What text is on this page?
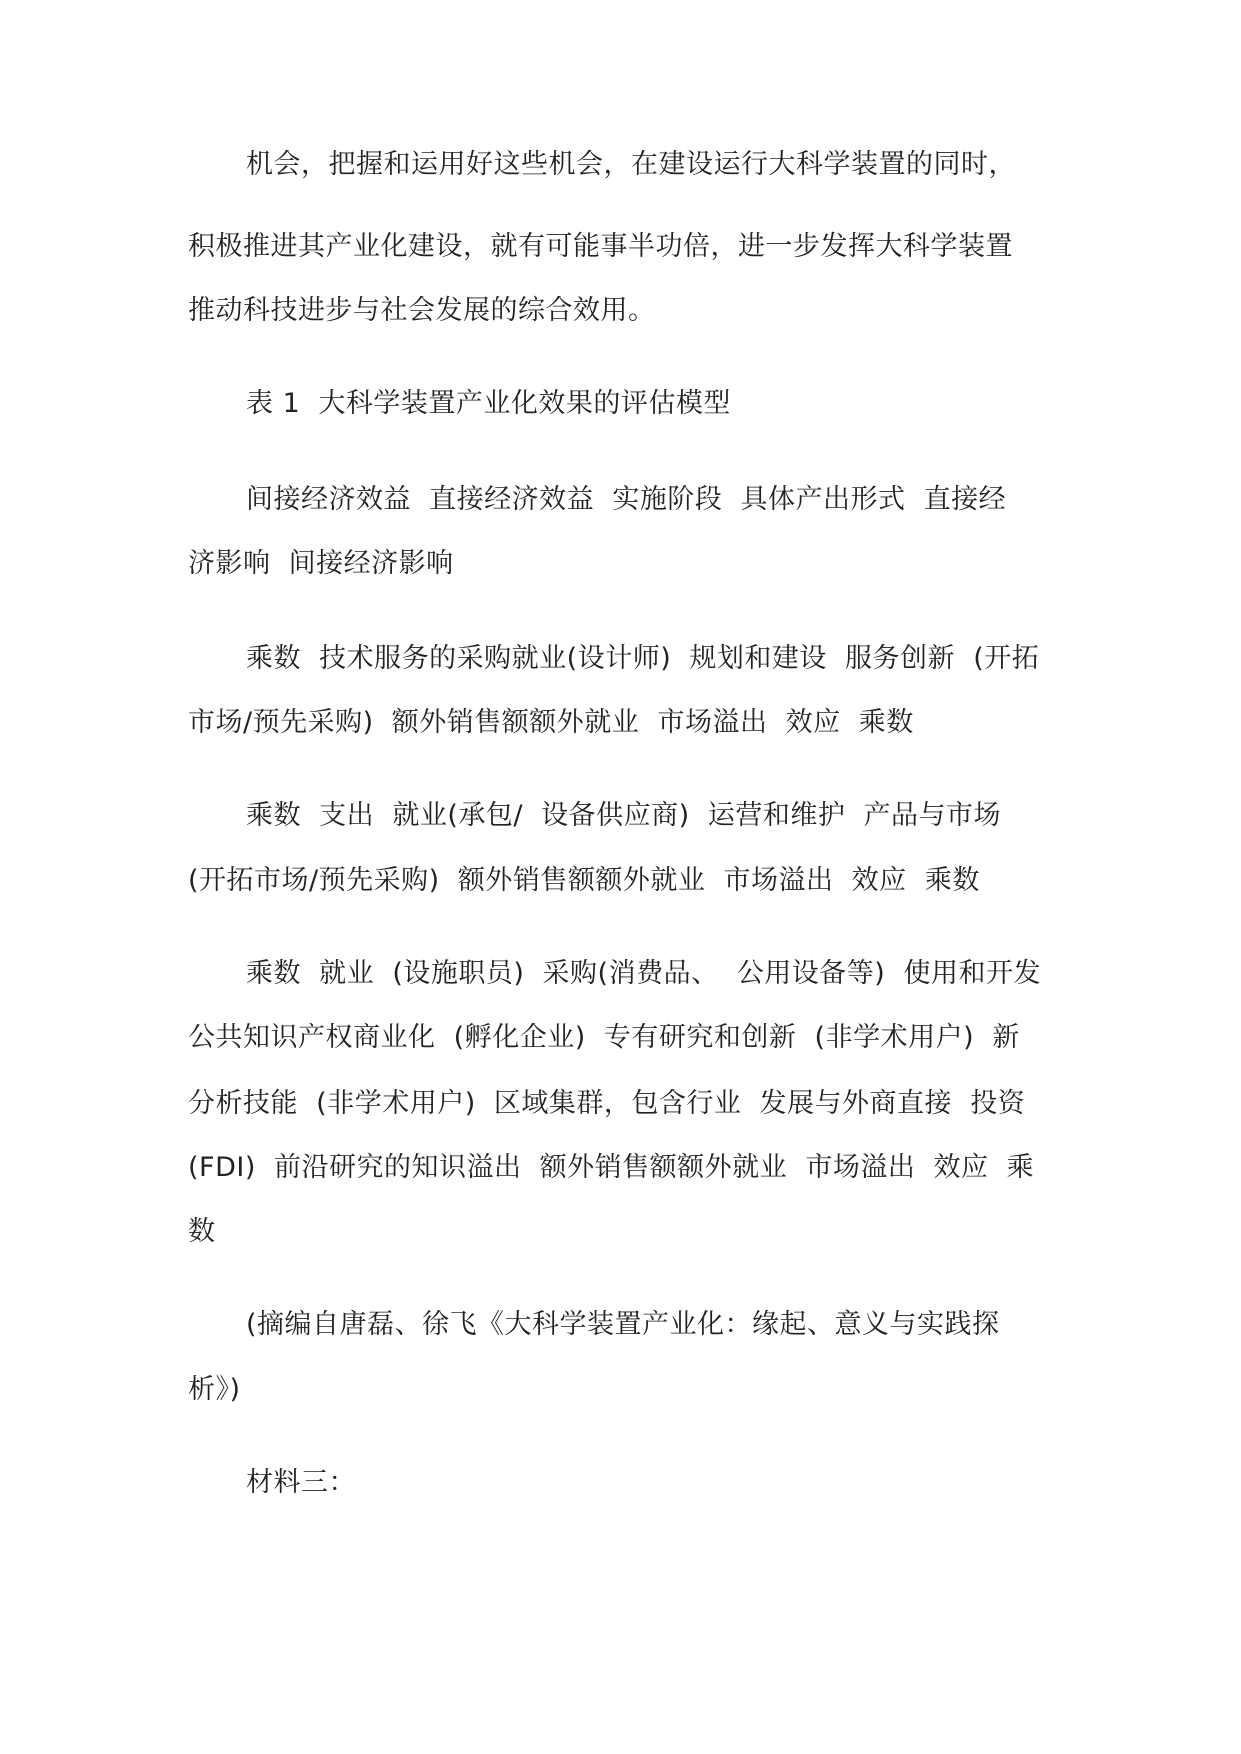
机会，把握和运用好这些机会，在建设运行大科学装置的同时，
积极推进其产业化建设，就有可能事半功倍，进一步发挥大科学装置
推动科技进步与社会发展的综合效用。
表 1  大科学装置产业化效果的评估模型
间接经济效益  直接经济效益  实施阶段  具体产出形式  直接经
济影响  间接经济影响
乘数  技术服务的采购就业(设计师)  规划和建设  服务创新  (开拓
市场/预先采购)  额外销售额额外就业  市场溢出  效应  乘数
乘数  支出  就业(承包/  设备供应商)  运营和维护  产品与市场
(开拓市场/预先采购)  额外销售额额外就业  市场溢出  效应  乘数
乘数  就业  (设施职员)  采购(消费品、  公用设备等)  使用和开发
公共知识产权商业化  (孵化企业)  专有研究和创新  (非学术用户)  新
分析技能  (非学术用户)  区域集群，包含行业  发展与外商直接  投资
(FDI)  前沿研究的知识溢出  额外销售额额外就业  市场溢出  效应  乘
数
(摘编自唐磊、徐飞《大科学装置产业化：缘起、意义与实践探
析》)
材料三：
